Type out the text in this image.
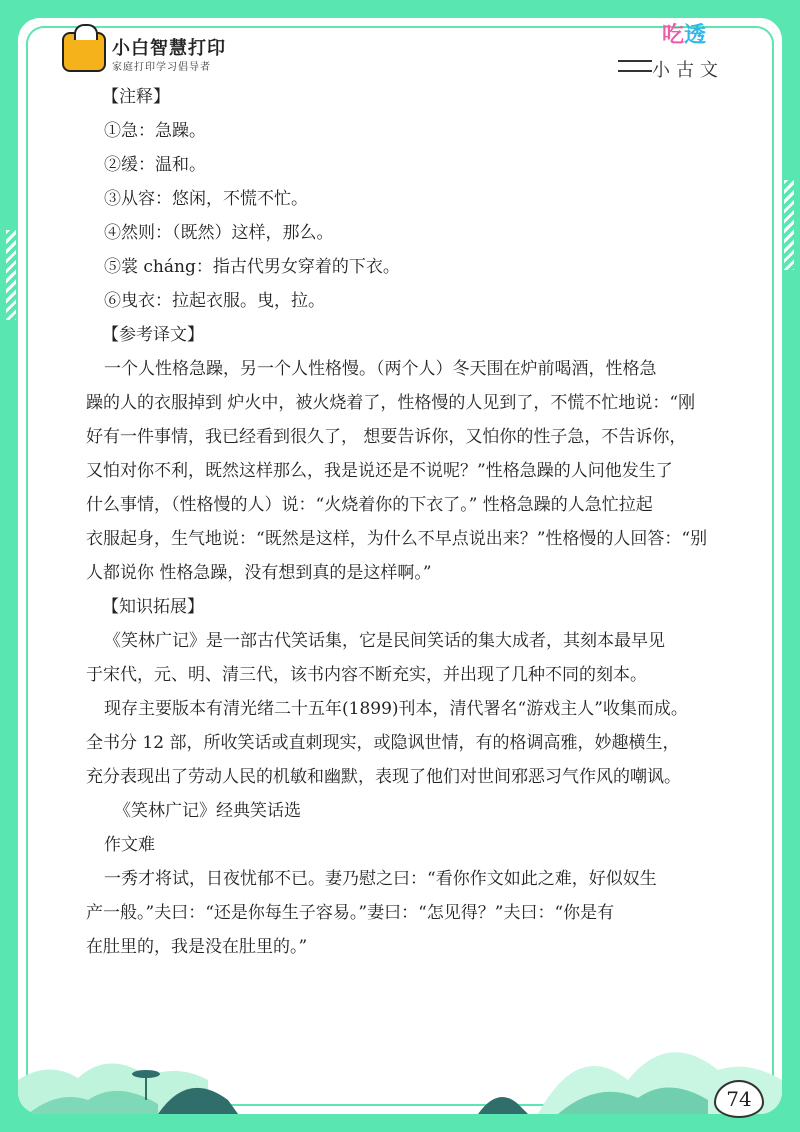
小白智慧打印
家庭打印学习倡导者
吃透
小古文

【注释】

①急：急躁。

②缓：温和。

③从容：悠闲，不慌不忙。

④然则：（既然）这样，那么。

⑤裳 cháng：指古代男女穿着的下衣。

⑥曳衣：拉起衣服。曳，拉。

【参考译文】

一个人性格急躁，另一个人性格慢。（两个人）冬天围在炉前喝酒，性格急

躁的人的衣服掉到 炉火中，被火烧着了，性格慢的人见到了，不慌不忙地说：“刚

好有一件事情，我已经看到很久了， 想要告诉你，又怕你的性子急，不告诉你，

又怕对你不利，既然这样那么，我是说还是不说呢？”性格急躁的人问他发生了

什么事情，（性格慢的人）说：“火烧着你的下衣了。” 性格急躁的人急忙拉起

衣服起身，生气地说：“既然是这样，为什么不早点说出来？”性格慢的人回答：“别

人都说你 性格急躁，没有想到真的是这样啊。”

【知识拓展】

《笑林广记》是一部古代笑话集，它是民间笑话的集大成者，其刻本最早见

于宋代，元、明、清三代，该书内容不断充实，并出现了几种不同的刻本。

现存主要版本有清光绪二十五年(1899)刊本，清代署名“游戏主人”收集而成。

全书分 12 部，所收笑话或直刺现实，或隐讽世情，有的格调高雅，妙趣横生，

充分表现出了劳动人民的机敏和幽默，表现了他们对世间邪恶习气作风的嘲讽。

《笑林广记》经典笑话选

作文难

一秀才将试，日夜忧郁不已。妻乃慰之曰：“看你作文如此之难，好似奴生

产一般。”夫曰：“还是你每生子容易。”妻曰：“怎见得？”夫曰：“你是有

在肚里的，我是没在肚里的。”

74
